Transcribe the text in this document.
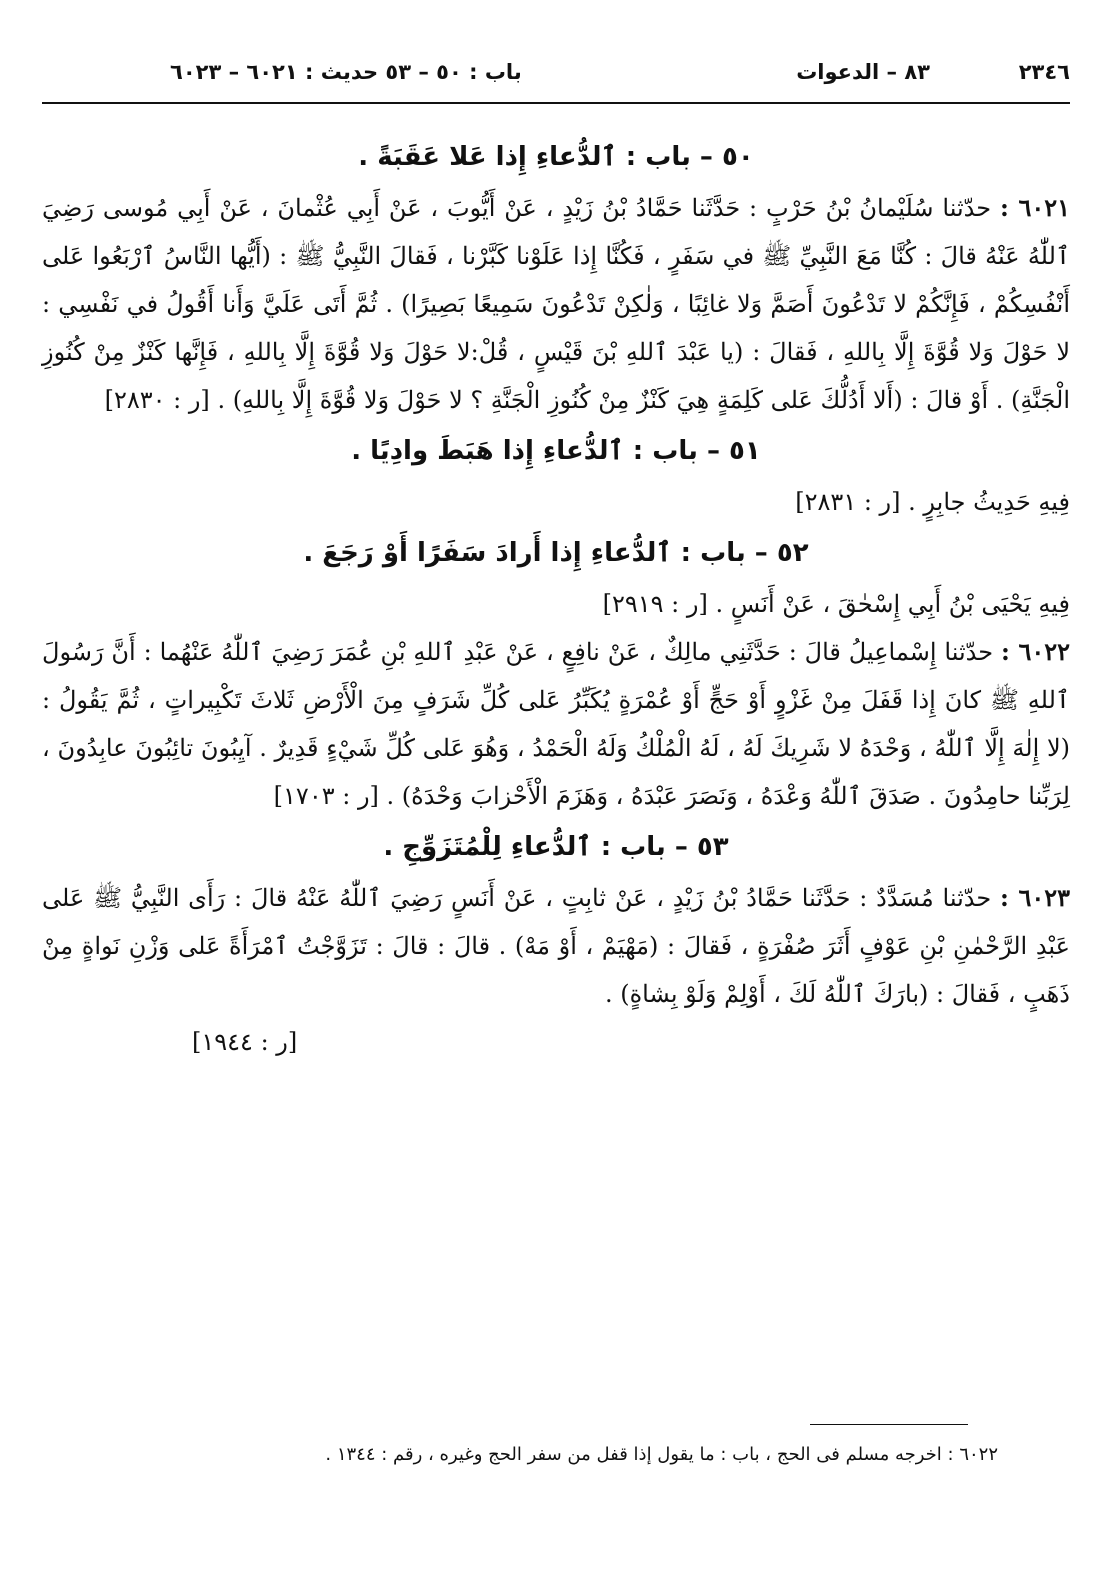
٢٣٤٦
٨٣ – الدعوات
باب : ٥٠ – ٥٣ حديث : ٦٠٢١ – ٦٠٢٣

٥٠ – باب : ٱلدُّعاءِ إِذا عَلا عَقَبَةً .

٦٠٢١ : حدّثنا سُلَيْمانُ بْنُ حَرْبٍ : حَدَّثَنا حَمَّادُ بْنُ زَيْدٍ ، عَنْ أَيُّوبَ ، عَنْ أَبِي عُثْمانَ ، عَنْ أَبِي مُوسى رَضِيَ ٱللّٰهُ عَنْهُ قالَ : كُنَّا مَعَ النَّبِيِّ ﷺ في سَفَرٍ ، فَكُنَّا إِذا عَلَوْنا كَبَّرْنا ، فَقالَ النَّبِيُّ ﷺ : (أَيُّها النَّاسُ ٱرْبَعُوا عَلى أَنْفُسِكُمْ ، فَإِنَّكُمْ لا تَدْعُونَ أَصَمَّ وَلا غائِبًا ، وَلٰكِنْ تَدْعُونَ سَمِيعًا بَصِيرًا) . ثُمَّ أَتَى عَلَيَّ وَأَنا أَقُولُ في نَفْسِي : لا حَوْلَ وَلا قُوَّةَ إِلَّا بِاللهِ ، فَقالَ : (يا عَبْدَ ٱللهِ بْنَ قَيْسٍ ، قُلْ:لا حَوْلَ وَلا قُوَّةَ إِلَّا بِاللهِ ، فَإِنَّها كَنْزٌ مِنْ كُنُوزِ الْجَنَّةِ) . أَوْ قالَ : (أَلا أَدُلُّكَ عَلى كَلِمَةٍ هِيَ كَنْزٌ مِنْ كُنُوزِ الْجَنَّةِ ؟ لا حَوْلَ وَلا قُوَّةَ إِلَّا بِاللهِ) . [ر : ٢٨٣٠]

٥١ – باب : ٱلدُّعاءِ إِذا هَبَطَ وادِيًا .

فِيهِ حَدِيثُ جابِرٍ . [ر : ٢٨٣١]

٥٢ – باب : ٱلدُّعاءِ إِذا أَرادَ سَفَرًا أَوْ رَجَعَ .

فِيهِ يَحْيَى بْنُ أَبِي إِسْحٰقَ ، عَنْ أَنَسٍ . [ر : ٢٩١٩]

٦٠٢٢ : حدّثنا إِسْماعِيلُ قالَ : حَدَّثَنِي مالِكٌ ، عَنْ نافِعٍ ، عَنْ عَبْدِ ٱللهِ بْنِ عُمَرَ رَضِيَ ٱللّٰهُ عَنْهُما : أَنَّ رَسُولَ ٱللهِ ﷺ كانَ إِذا قَفَلَ مِنْ غَزْوٍ أَوْ حَجٍّ أَوْ عُمْرَةٍ يُكَبِّرُ عَلى كُلِّ شَرَفٍ مِنَ الْأَرْضِ ثَلاثَ تَكْبِيراتٍ ، ثُمَّ يَقُولُ : (لا إِلٰهَ إِلَّا ٱللّٰهُ ، وَحْدَهُ لا شَرِيكَ لَهُ ، لَهُ الْمُلْكُ وَلَهُ الْحَمْدُ ، وَهُوَ عَلى كُلِّ شَيْءٍ قَدِيرٌ . آيِبُونَ تائِبُونَ عابِدُونَ ، لِرَبِّنا حامِدُونَ . صَدَقَ ٱللّٰهُ وَعْدَهُ ، وَنَصَرَ عَبْدَهُ ، وَهَزَمَ الْأَحْزابَ وَحْدَهُ) . [ر : ١٧٠٣]

٥٣ – باب : ٱلدُّعاءِ لِلْمُتَزَوِّجِ .

٦٠٢٣ : حدّثنا مُسَدَّدٌ : حَدَّثَنا حَمَّادُ بْنُ زَيْدٍ ، عَنْ ثابِتٍ ، عَنْ أَنَسٍ رَضِيَ ٱللّٰهُ عَنْهُ قالَ : رَأَى النَّبِيُّ ﷺ عَلى عَبْدِ الرَّحْمٰنِ بْنِ عَوْفٍ أَثَرَ صُفْرَةٍ ، فَقالَ : (مَهْيَمْ ، أَوْ مَهْ) . قالَ : قالَ : تَزَوَّجْتُ ٱمْرَأَةً عَلى وَزْنِ نَواةٍ مِنْ ذَهَبٍ ، فَقالَ : (بارَكَ ٱللّٰهُ لَكَ ، أَوْلِمْ وَلَوْ بِشاةٍ) .

[ر : ١٩٤٤]

٦٠٢٢ : اخرجه مسلم فى الحج ، باب : ما يقول إذا قفل من سفر الحج وغيره ، رقم : ١٣٤٤ .
